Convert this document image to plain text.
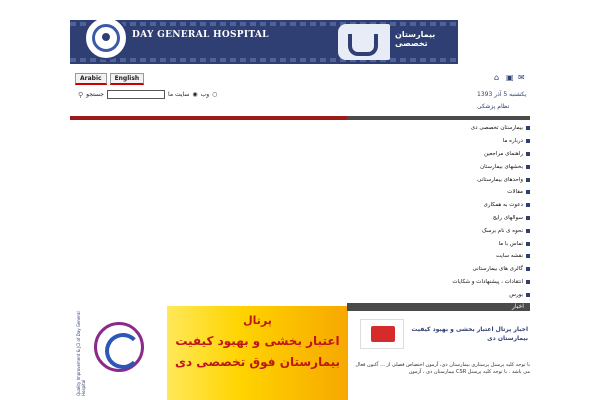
DAY GENERAL HOSPITAL	بیمارستان تخصصی
Arabic	English	⌂ ▣ ✉
⚲ جستجو	سایت ما ◉ وب ○	یکشنبه 5 آذر 1393
نظام پزشکی
بیمارستان تخصصی دی
درباره ما
راهنمای مراجعین
بخشهای بیمارستان
واحدهای بیمارستانی
مقالات
دعوت به همکاری
سوالهای رایج
نحوه ی نام برسک
تماس با ما
نقشه سایت
گالری های بیمارستانی
انتقادات ، پیشنهادات و شکایات
بورس
Quality Improvement & JCI of Day General Hospital
پرتال
اعتبار بخشی و بهبود کیفیت
بیمارستان فوق تخصصی دی
اخبار
اخبار پرتال اعتبار بخشی و بهبود کیفیت بیمارستان دی
با توجه کلیه پرسنل پرستاری بیمارستان دی، آزمون اختصاص فصلی از ... آکنون فعال می باشد . با توجه کلیه پرسنل CSR بیمارستان دی ، آزمون
